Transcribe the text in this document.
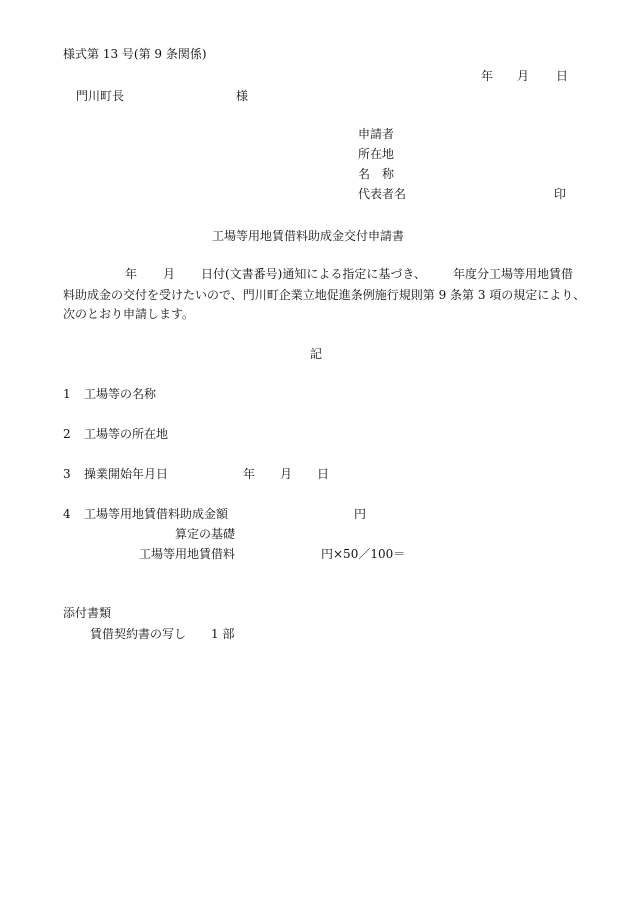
様式第 13 号(第 9 条関係)
年 月 日
門川町長	様
申請者
所在地
名　称
代表者名	印
工場等用地賃借料助成金交付申請書
年 月 日付(文書番号)通知による指定に基づき、 年度分工場等用地賃借
料助成金の交付を受けたいので、門川町企業立地促進条例施行規則第 9 条第 3 項の規定により、
次のとおり申請します。
記
1 工場等の名称
2 工場等の所在地
3 操業開始年月日	年 月 日
4 工場等用地賃借料助成金額	円
算定の基礎
工場等用地賃借料	円×50／100＝
添付書類
賃借契約書の写し 1 部
